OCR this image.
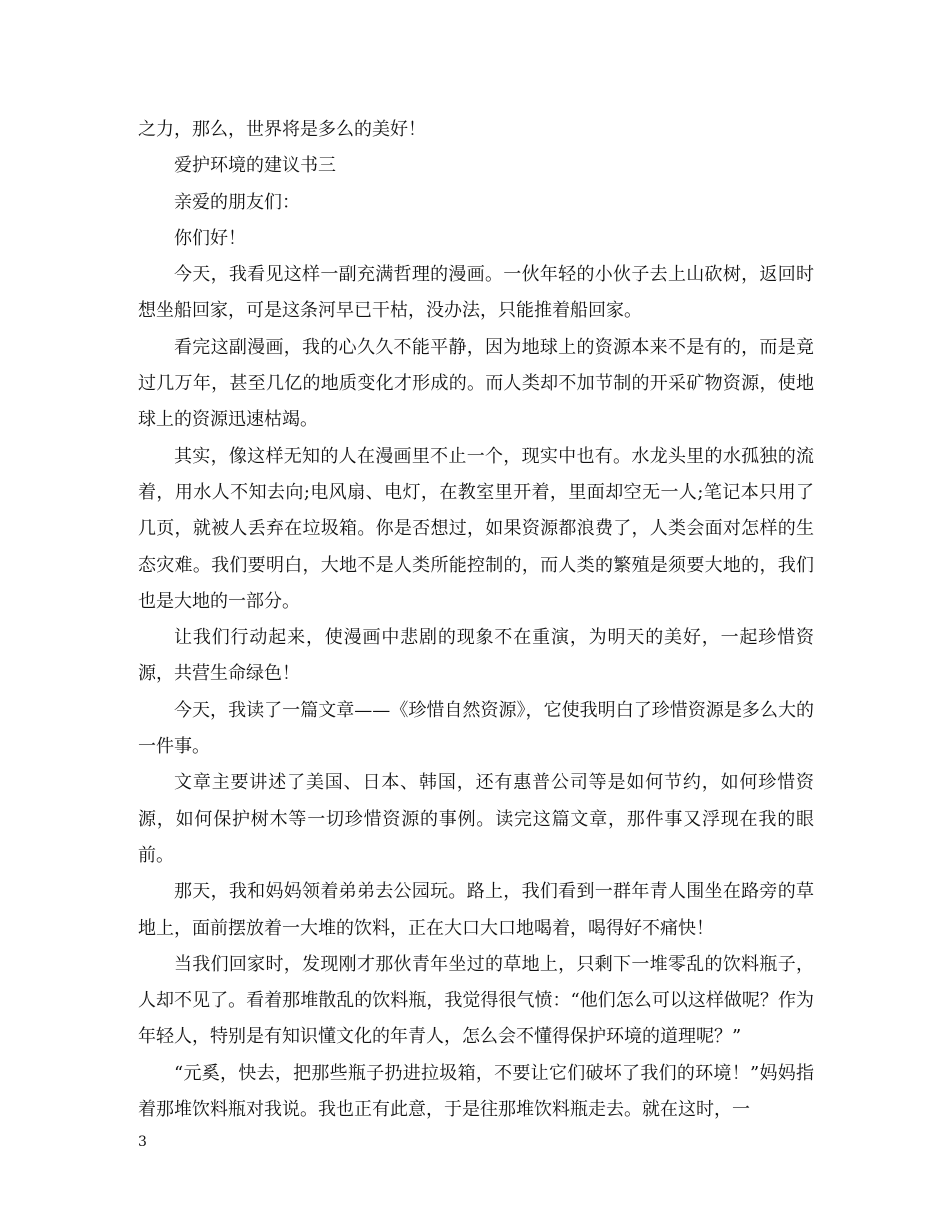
之力，那么，世界将是多么的美好！

爱护环境的建议书三

亲爱的朋友们：

你们好！

今天，我看见这样一副充满哲理的漫画。一伙年轻的小伙子去上山砍树，返回时想坐船回家，可是这条河早已干枯，没办法，只能推着船回家。

看完这副漫画，我的心久久不能平静，因为地球上的资源本来不是有的，而是竟过几万年，甚至几亿的地质变化才形成的。而人类却不加节制的开采矿物资源，使地球上的资源迅速枯竭。

其实，像这样无知的人在漫画里不止一个，现实中也有。水龙头里的水孤独的流着，用水人不知去向;电风扇、电灯，在教室里开着，里面却空无一人;笔记本只用了几页，就被人丢弃在垃圾箱。你是否想过，如果资源都浪费了，人类会面对怎样的生态灾难。我们要明白，大地不是人类所能控制的，而人类的繁殖是须要大地的，我们也是大地的一部分。

让我们行动起来，使漫画中悲剧的现象不在重演，为明天的美好，一起珍惜资源，共营生命绿色！

今天，我读了一篇文章——《珍惜自然资源》，它使我明白了珍惜资源是多么大的一件事。

文章主要讲述了美国、日本、韩国，还有惠普公司等是如何节约，如何珍惜资源，如何保护树木等一切珍惜资源的事例。读完这篇文章，那件事又浮现在我的眼前。

那天，我和妈妈领着弟弟去公园玩。路上，我们看到一群年青人围坐在路旁的草地上，面前摆放着一大堆的饮料，正在大口大口地喝着，喝得好不痛快！

当我们回家时，发现刚才那伙青年坐过的草地上，只剩下一堆零乱的饮料瓶子，人却不见了。看着那堆散乱的饮料瓶，我觉得很气愤：“他们怎么可以这样做呢？作为年轻人，特别是有知识懂文化的年青人，怎么会不懂得保护环境的道理呢？”

“元奚，快去，把那些瓶子扔进拉圾箱，不要让它们破坏了我们的环境！”妈妈指着那堆饮料瓶对我说。我也正有此意，于是往那堆饮料瓶走去。就在这时，一

3
